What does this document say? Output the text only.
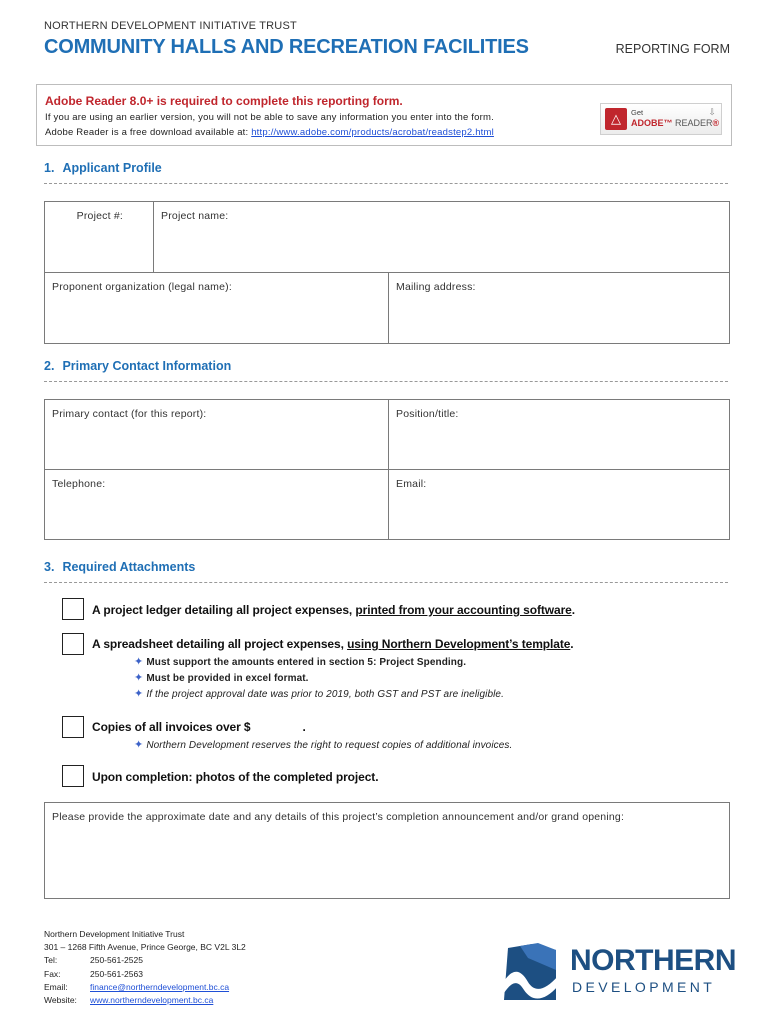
NORTHERN DEVELOPMENT INITIATIVE TRUST
COMMUNITY HALLS AND RECREATION FACILITIES	REPORTING FORM
Adobe Reader 8.0+ is required to complete this reporting form.
If you are using an earlier version, you will not be able to save any information you enter into the form.
Adobe Reader is a free download available at: http://www.adobe.com/products/acrobat/readstep2.html
△	Get
ADOBE™ READER®
⇩
1. Applicant Profile
Project #:	Project name:
Proponent organization (legal name):	Mailing address:
2. Primary Contact Information
Primary contact (for this report):	Position/title:
Telephone:	Email:
3. Required Attachments
A project ledger detailing all project expenses, printed from your accounting software.
A spreadsheet detailing all project expenses, using Northern Development’s template.
✦ Must support the amounts entered in section 5: Project Spending.
✦ Must be provided in excel format.
✦ If the project approval date was prior to 2019, both GST and PST are ineligible.
Copies of all invoices over $	.
✦ Northern Development reserves the right to request copies of additional invoices.
Upon completion: photos of the completed project.
Please provide the approximate date and any details of this project’s completion announcement and/or grand opening:
Northern Development Initiative Trust
301 – 1268 Fifth Avenue, Prince George, BC V2L 3L2
Tel:	250-561-2525
Fax:	250-561-2563
Email:	finance@northerndevelopment.bc.ca
Website:	www.northerndevelopment.bc.ca
NORTHERN
DEVELOPMENT
